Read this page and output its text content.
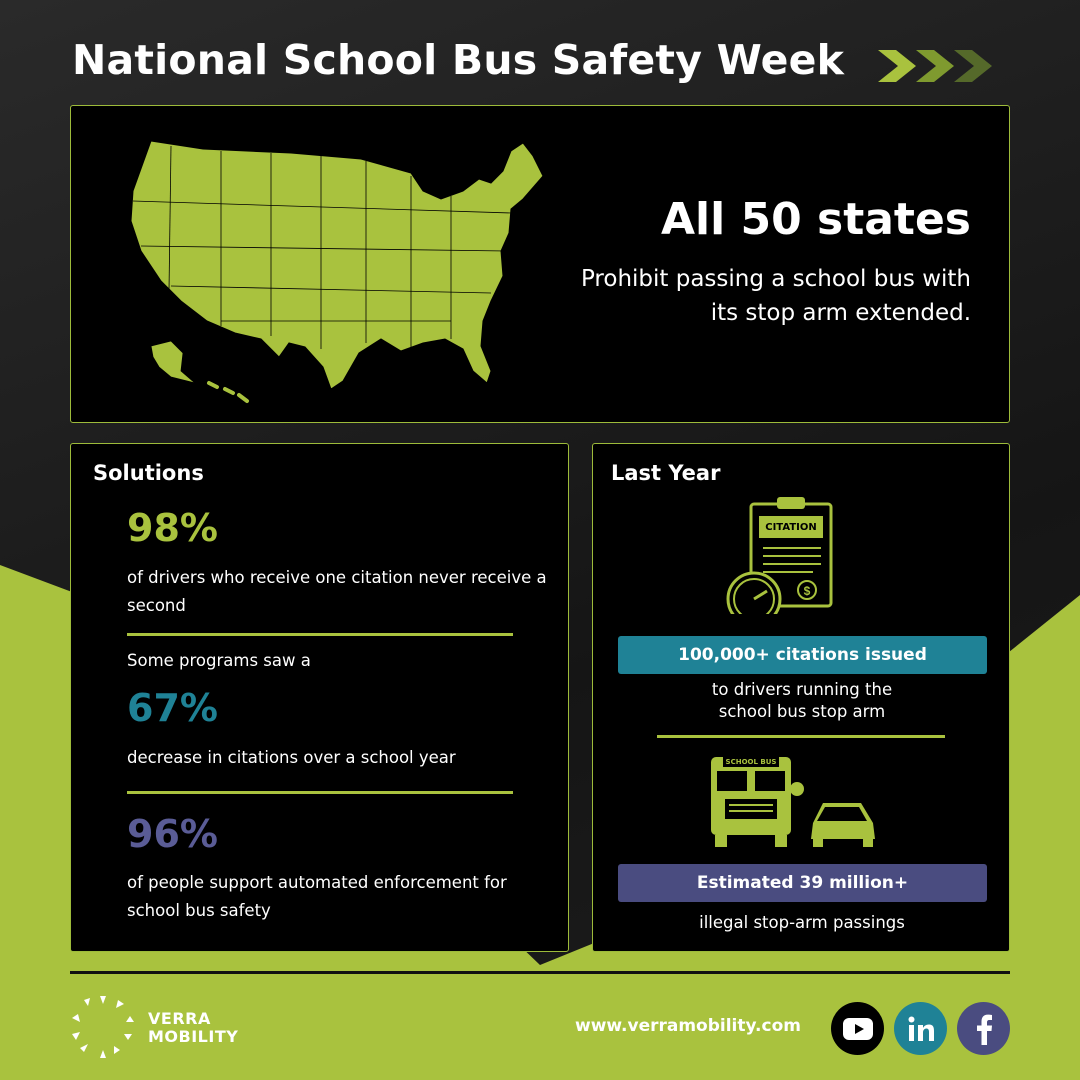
National School Bus Safety Week
All 50 states
Prohibit passing a school bus with its stop arm extended.
Solutions
98%
of drivers who receive one citation never receive a second
Some programs saw a
67%
decrease in citations over a school year
96%
of people support automated enforcement for school bus safety
Last Year
$
CITATION
100,000+ citations issued
to drivers running the
school bus stop arm
SCHOOL BUS
Estimated 39 million+
illegal stop-arm passings
VERRA
MOBILITY
www.verramobility.com
